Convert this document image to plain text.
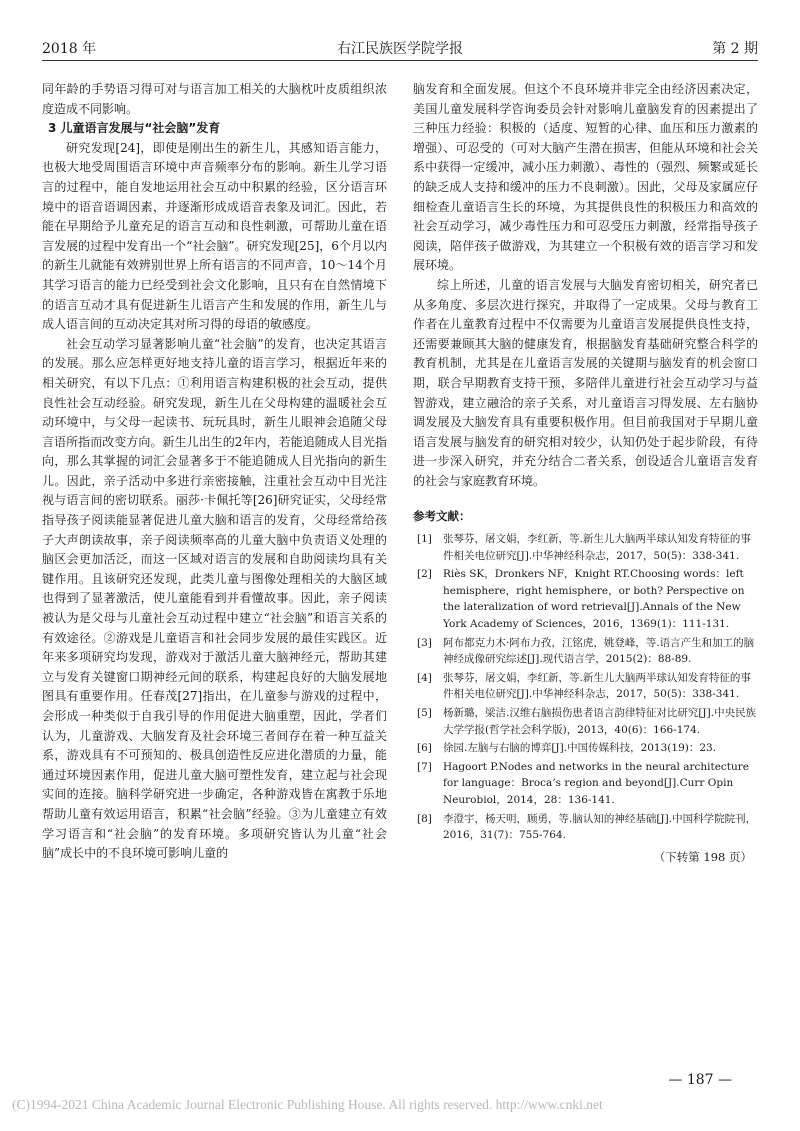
2018 年	右江民族医学院学报	第 2 期

同年龄的手势语习得可对与语言加工相关的大脑枕叶皮质组织浓度造成不同影响。

3 儿童语言发展与“社会脑”发育

研究发现[24]，即使是刚出生的新生儿，其感知语言能力，也极大地受周围语言环境中声音频率分布的影响。新生儿学习语言的过程中，能自发地运用社会互动中积累的经验，区分语言环境中的语音语调因素，并逐渐形成成语音表象及词汇。因此，若能在早期给予儿童充足的语言互动和良性刺激，可帮助儿童在语言发展的过程中发育出一个“社会脑”。研究发现[25]，6个月以内的新生儿就能有效辨别世界上所有语言的不同声音，10～14个月其学习语言的能力已经受到社会文化影响，且只有在自然情境下的语言互动才具有促进新生儿语言产生和发展的作用，新生儿与成人语言间的互动决定其对所习得的母语的敏感度。

社会互动学习显著影响儿童“社会脑”的发育，也决定其语言的发展。那么应怎样更好地支持儿童的语言学习，根据近年来的相关研究，有以下几点：①利用语言构建积极的社会互动，提供良性社会互动经验。研究发现，新生儿在父母构建的温暖社会互动环境中，与父母一起读书、玩玩具时，新生儿眼神会追随父母言语所指而改变方向。新生儿出生的2年内，若能追随成人目光指向，那么其掌握的词汇会显著多于不能追随成人目光指向的新生儿。因此，亲子活动中多进行亲密接触，注重社会互动中目光注视与语言间的密切联系。丽莎·卡佩托等[26]研究证实，父母经常指导孩子阅读能显著促进儿童大脑和语言的发育，父母经常给孩子大声朗读故事，亲子阅读频率高的儿童大脑中负责语义处理的脑区会更加活泛，而这一区域对语言的发展和自助阅读均具有关键作用。且该研究还发现，此类儿童与图像处理相关的大脑区域也得到了显著激活，使儿童能看到并看懂故事。因此，亲子阅读被认为是父母与儿童社会互动过程中建立“社会脑”和语言关系的有效途径。②游戏是儿童语言和社会同步发展的最佳实践区。近年来多项研究均发现，游戏对于激活儿童大脑神经元，帮助其建立与发育关键窗口期神经元间的联系，构建起良好的大脑发展地图具有重要作用。任春茂[27]指出，在儿童参与游戏的过程中，会形成一种类似于自我引导的作用促进大脑重塑，因此，学者们认为，儿童游戏、大脑发育及社会环境三者间存在着一种互益关系，游戏具有不可预知的、极具创造性反应进化潜质的力量，能通过环境因素作用，促进儿童大脑可塑性发育，建立起与社会现实间的连接。脑科学研究进一步确定，各种游戏皆在寓教于乐地帮助儿童有效运用语言，积累“社会脑”经验。③为儿童建立有效学习语言和“社会脑”的发育环境。多项研究皆认为儿童“社会脑”成长中的不良环境可影响儿童的

脑发育和全面发展。但这个不良环境并非完全由经济因素决定，美国儿童发展科学咨询委员会针对影响儿童脑发育的因素提出了三种压力经验：积极的（适度、短暂的心律、血压和压力激素的增强）、可忍受的（可对大脑产生潜在损害，但能从环境和社会关系中获得一定缓冲，减小压力刺激）、毒性的（强烈、频繁或延长的缺乏成人支持和缓冲的压力不良刺激）。因此，父母及家属应仔细检查儿童语言生长的环境，为其提供良性的积极压力和高效的社会互动学习，减少毒性压力和可忍受压力刺激，经常指导孩子阅读，陪伴孩子做游戏，为其建立一个积极有效的语言学习和发展环境。

综上所述，儿童的语言发展与大脑发育密切相关，研究者已从多角度、多层次进行探究，并取得了一定成果。父母与教育工作者在儿童教育过程中不仅需要为儿童语言发展提供良性支持，还需要兼顾其大脑的健康发育，根据脑发育基础研究整合科学的教育机制，尤其是在儿童语言发展的关键期与脑发育的机会窗口期，联合早期教育支持干预，多陪伴儿童进行社会互动学习与益智游戏，建立融洽的亲子关系，对儿童语言习得发展、左右脑协调发展及大脑发育具有重要积极作用。但目前我国对于早期儿童语言发展与脑发育的研究相对较少，认知仍处于起步阶段，有待进一步深入研究，并充分结合二者关系，创设适合儿童语言发育的社会与家庭教育环境。

参考文献：
[1] 张琴芬，屠文娟，李红新，等.新生儿大脑两半球认知发育特征的事件相关电位研究[J].中华神经科杂志，2017，50(5)：338-341.
[2] Riès SK，Dronkers NF，Knight RT.Choosing words：left hemisphere，right hemisphere，or both? Perspective on the lateralization of word retrieval[J].Annals of the New York Academy of Sciences，2016，1369(1)：111-131.
[3] 阿布都克力木·阿布力孜，江铭虎，姚登峰，等.语言产生和加工的脑神经成像研究综述[J].现代语言学，2015(2)：88-89.
[4] 张琴芬，屠文娟，李红新，等.新生儿大脑两半球认知发育特征的事件相关电位研究[J].中华神经科杂志，2017，50(5)：338-341.
[5] 杨新璐，梁洁.汉维右脑损伤患者语言韵律特征对比研究[J].中央民族大学学报(哲学社会科学版)，2013，40(6)：166-174.
[6] 徐园.左脑与右脑的博弈[J].中国传媒科技，2013(19)：23.
[7] Hagoort P.Nodes and networks in the neural architecture for language：Broca’s region and beyond[J].Curr Opin Neurobiol，2014，28：136-141.
[8] 李澄宇，杨天明，顾勇，等.脑认知的神经基础[J].中国科学院院刊，2016，31(7)：755-764.
（下转第 198 页）
— 187 —
(C)1994-2021 China Academic Journal Electronic Publishing House. All rights reserved. http://www.cnki.net
